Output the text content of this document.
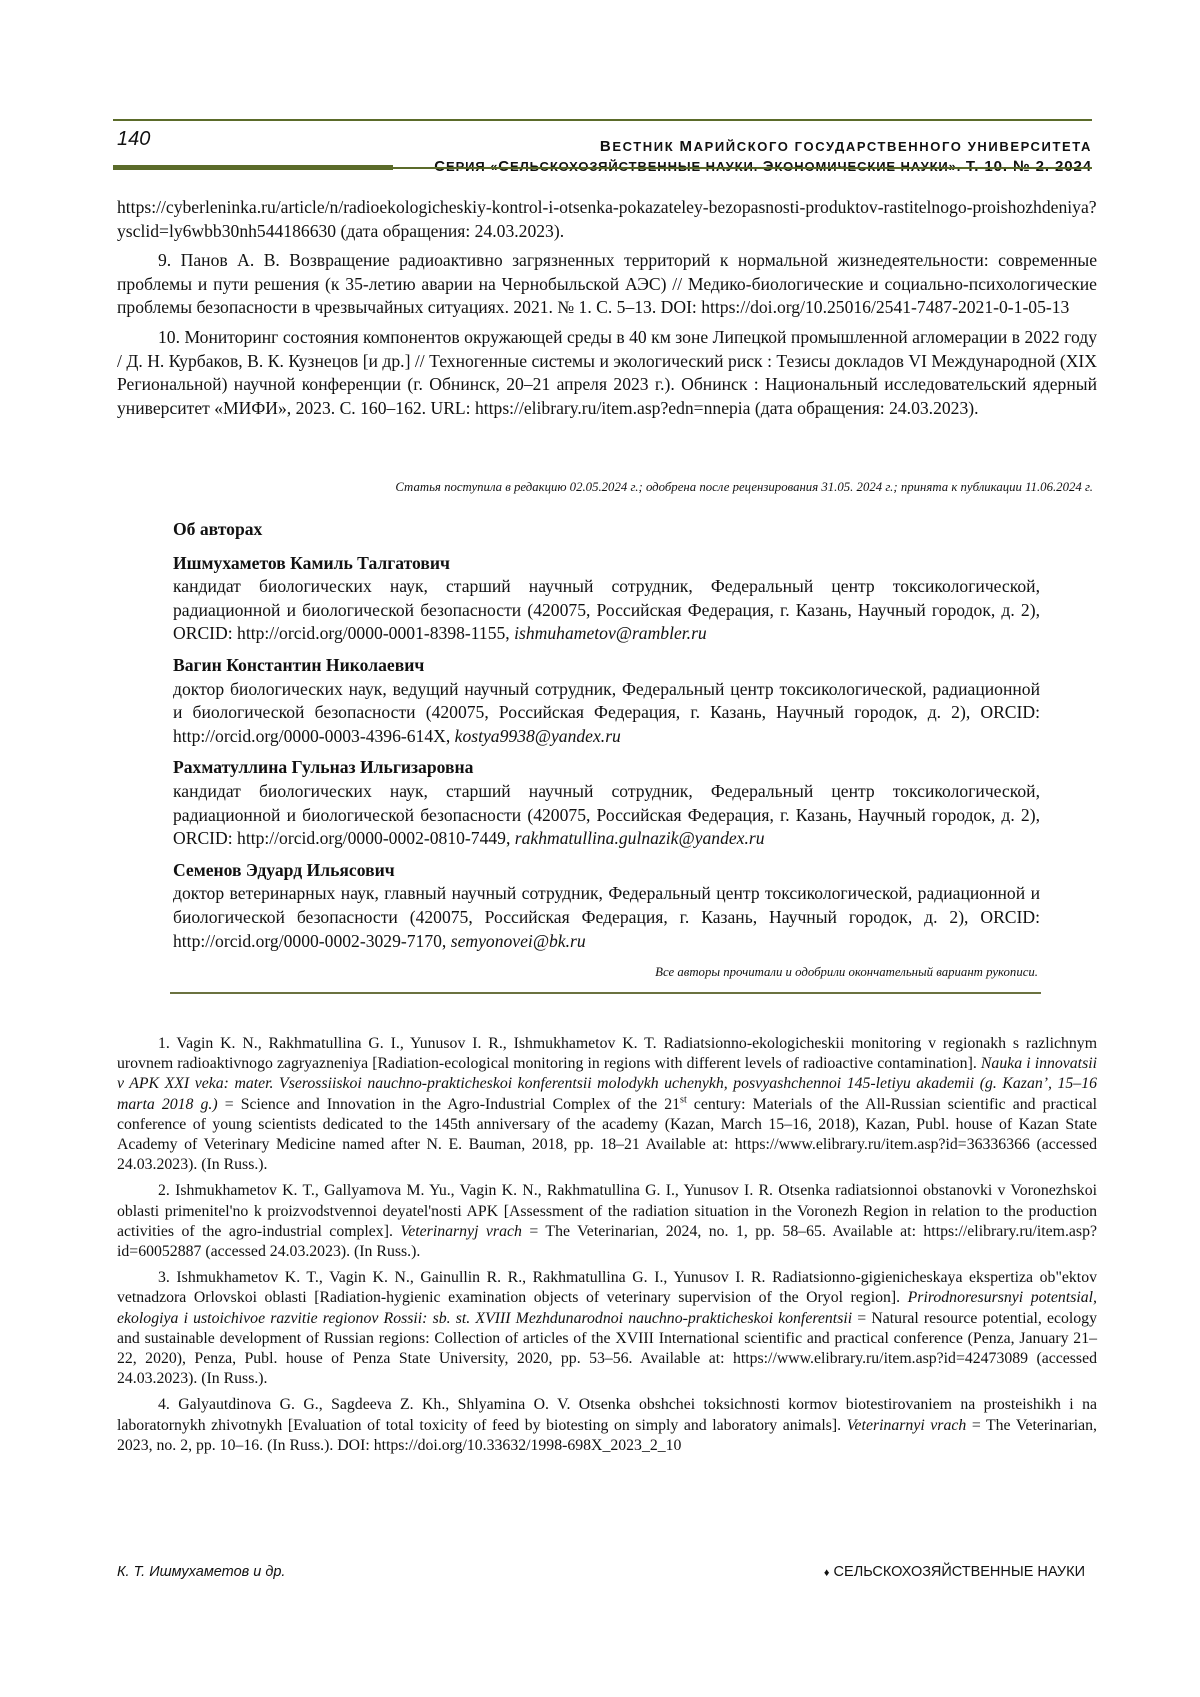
140	ВЕСТНИК МАРИЙСКОГО ГОСУДАРСТВЕННОГО УНИВЕРСИТЕТА

https://cyberleninka.ru/article/n/radioekologicheskiy-kontrol-i-otsenka-pokazateley-bezopasnosti-produktov-rastitelnogo-proishozhdeniya?ysclid=ly6wbb30nh544186630 (дата обращения: 24.03.2023).

9. Панов А. В. Возвращение радиоактивно загрязненных территорий к нормальной жизнедеятельности: современные проблемы и пути решения (к 35-летию аварии на Чернобыльской АЭС) // Медико-биологические и социально-психологические проблемы безопасности в чрезвычайных ситуациях. 2021. № 1. С. 5–13. DOI: https://doi.org/10.25016/2541-7487-2021-0-1-05-13

10. Мониторинг состояния компонентов окружающей среды в 40 км зоне Липецкой промышленной агломерации в 2022 году / Д. Н. Курбаков, В. К. Кузнецов [и др.] // Техногенные системы и экологический риск : Тезисы докладов VI Международной (XIX Региональной) научной конференции (г. Обнинск, 20–21 апреля 2023 г.). Обнинск : Национальный исследовательский ядерный университет «МИФИ», 2023. С. 160–162. URL: https://elibrary.ru/item.asp?edn=nnepia (дата обращения: 24.03.2023).

Статья поступила в редакцию 02.05.2024 г.; одобрена после рецензирования 31.05. 2024 г.; принята к публикации 11.06.2024 г.

Об авторах

Ишмухаметов Камиль Талгатович

кандидат биологических наук, старший научный сотрудник, Федеральный центр токсикологической, радиационной и биологической безопасности (420075, Российская Федерация, г. Казань, Научный городок, д. 2), ORCID: http://orcid.org/0000-0001-8398-1155, ishmuhametov@rambler.ru

Вагин Константин Николаевич

доктор биологических наук, ведущий научный сотрудник, Федеральный центр токсикологической, радиационной и биологической безопасности (420075, Российская Федерация, г. Казань, Научный городок, д. 2), ORCID: http://orcid.org/0000-0003-4396-614X, kostya9938@yandex.ru

Рахматуллина Гульназ Ильгизаровна

кандидат биологических наук, старший научный сотрудник, Федеральный центр токсикологической, радиационной и биологической безопасности (420075, Российская Федерация, г. Казань, Научный городок, д. 2), ORCID: http://orcid.org/0000-0002-0810-7449, rakhmatullina.gulnazik@yandex.ru

Семенов Эдуард Ильясович

доктор ветеринарных наук, главный научный сотрудник, Федеральный центр токсикологической, радиационной и биологической безопасности (420075, Российская Федерация, г. Казань, Научный городок, д. 2), ORCID: http://orcid.org/0000-0002-3029-7170, semyonovei@bk.ru

Все авторы прочитали и одобрили окончательный вариант рукописи.

1. Vagin K. N., Rakhmatullina G. I., Yunusov I. R., Ishmukhametov K. T. Radiatsionno-ekologicheskii monitoring v regionakh s razlichnym urovnem radioaktivnogo zagryazneniya [Radiation-ecological monitoring in regions with different levels of radioactive contamination]. Nauka i innovatsii v APK XXI veka: mater. Vserossiiskoi nauchno-prakticheskoi konferentsii molodykh uchenykh, posvyashchennoi 145-letiyu akademii (g. Kazan’, 15–16 marta 2018 g.) = Science and Innovation in the Agro-Industrial Complex of the 21st century: Materials of the All-Russian scientific and practical conference of young scientists dedicated to the 145th anniversary of the academy (Kazan, March 15–16, 2018), Kazan, Publ. house of Kazan State Academy of Veterinary Medicine named after N. E. Bauman, 2018, pp. 18–21 Available at: https://www.elibrary.ru/item.asp?id=36336366 (accessed 24.03.2023). (In Russ.).

2. Ishmukhametov K. T., Gallyamova M. Yu., Vagin K. N., Rakhmatullina G. I., Yunusov I. R. Otsenka radiatsionnoi obstanovki v Voronezhskoi oblasti primenitel'no k proizvodstvennoi deyatel'nosti APK [Assessment of the radiation situation in the Voronezh Region in relation to the production activities of the agro-industrial complex]. Veterinarnyj vrach = The Veterinarian, 2024, no. 1, pp. 58–65. Available at: https://elibrary.ru/item.asp?id=60052887 (accessed 24.03.2023). (In Russ.).

3. Ishmukhametov K. T., Vagin K. N., Gainullin R. R., Rakhmatullina G. I., Yunusov I. R. Radiatsionno-gigienicheskaya ekspertiza ob"ektov vetnadzora Orlovskoi oblasti [Radiation-hygienic examination objects of veterinary supervision of the Oryol region]. Prirodnoresursnyi potentsial, ekologiya i ustoichivoe razvitie regionov Rossii: sb. st. XVIII Mezhdunarodnoi nauchno-prakticheskoi konferentsii = Natural resource potential, ecology and sustainable development of Russian regions: Collection of articles of the XVIII International scientific and practical conference (Penza, January 21–22, 2020), Penza, Publ. house of Penza State University, 2020, pp. 53–56. Available at: https://www.elibrary.ru/item.asp?id=42473089 (accessed 24.03.2023). (In Russ.).

4. Galyautdinova G. G., Sagdeeva Z. Kh., Shlyamina O. V. Otsenka obshchei toksichnosti kormov biotestirovaniem na prosteishikh i na laboratornykh zhivotnykh [Evaluation of total toxicity of feed by biotesting on simply and laboratory animals]. Veterinarnyi vrach = The Veterinarian, 2023, no. 2, pp. 10–16. (In Russ.). DOI: https://doi.org/10.33632/1998-698X_2023_2_10

К. Т. Ишмухаметов и др.	♦ СЕЛЬСКОХОЗЯЙСТВЕННЫЕ НАУКИ
